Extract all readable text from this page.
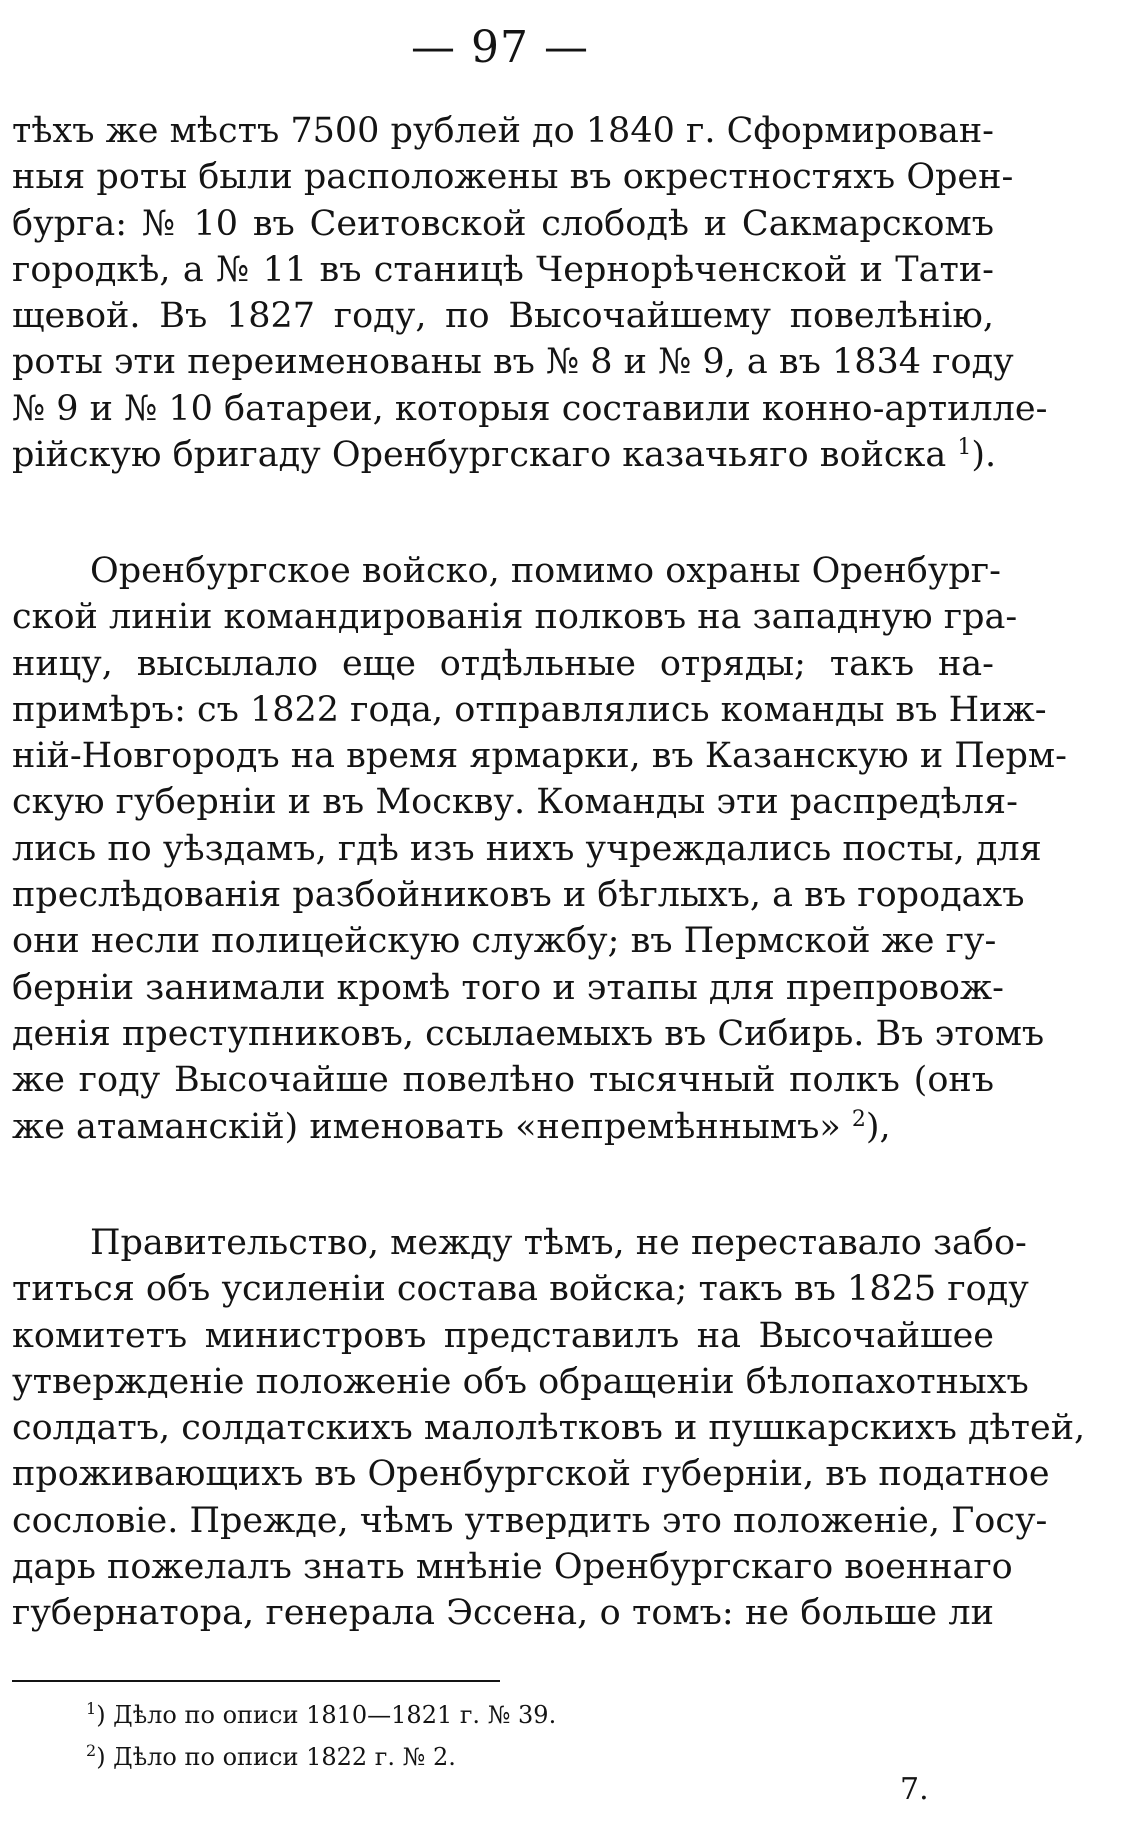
— 97 —
тѣхъ же мѣстъ 7500 рублей до 1840 г. Сформирован-
ныя роты были расположены въ окрестностяхъ Орен-
бурга: № 10 въ Сеитовской слободѣ и Сакмарскомъ
городкѣ, а № 11 въ станицѣ Чернорѣченской и Тати-
щевой. Въ 1827 году, по Высочайшему повелѣнію,
роты эти переименованы въ № 8 и № 9, а въ 1834 году
№ 9 и № 10 батареи, которыя составили конно-артилле-
рійскую бригаду Оренбургскаго казачьяго войска $^1$).
Оренбургское войско, помимо охраны Оренбург-
ской линіи командированія полковъ на западную гра-
ницу, высылало еще отдѣльные отряды; такъ на-
примѣръ: съ 1822 года, отправлялись команды въ Ниж-
ній-Новгородъ на время ярмарки, въ Казанскую и Перм-
скую губерніи и въ Москву. Команды эти распредѣля-
лись по уѣздамъ, гдѣ изъ нихъ учреждались посты, для
преслѣдованія разбойниковъ и бѣглыхъ, а въ городахъ
они несли полицейскую службу; въ Пермской же гу-
берніи занимали кромѣ того и этапы для препровож-
денія преступниковъ, ссылаемыхъ въ Сибирь. Въ этомъ
же году Высочайше повелѣно тысячный полкъ (онъ
же атаманскій) именовать «непремѣннымъ» $^2$),
Правительство, между тѣмъ, не переставало забо-
титься объ усиленіи состава войска; такъ въ 1825 году
комитетъ министровъ представилъ на Высочайшее
утвержденіе положеніе объ обращеніи бѣлопахотныхъ
солдатъ, солдатскихъ малолѣтковъ и пушкарскихъ дѣтей,
проживающихъ въ Оренбургской губерніи, въ податное
сословіе. Прежде, чѣмъ утвердить это положеніе, Госу-
дарь пожелалъ знать мнѣніе Оренбургскаго военнаго
губернатора, генерала Эссена, о томъ: не больше ли
$^1$) Дѣло по описи 1810—1821 г. № 39.
$^2$) Дѣло по описи 1822 г. № 2.
7.
